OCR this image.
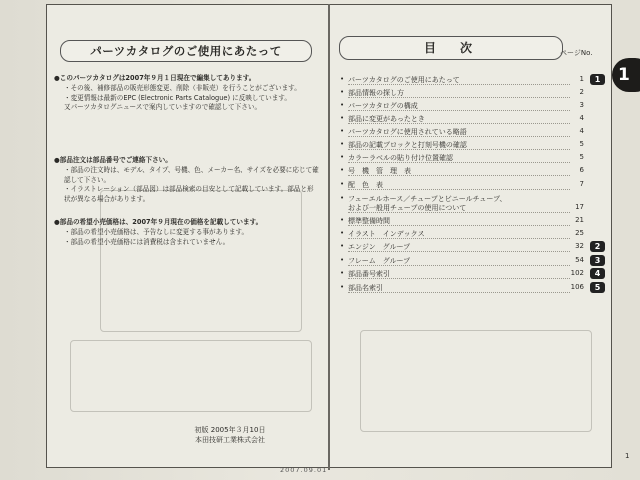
パーツカタログのご使用にあたって
●このパーツカタログは2007年９月１日現在で編集してあります。
・その後、補修部品の販売形態変更、削除（非販売）を行うことがございます。
・変更情報は最新のEPC (Electronic Parts Catalogue) に反映しています。
又パーツカタログニュースで案内していますので確認して下さい。
●部品注文は部品番号でご連絡下さい。
・部品の注文時は、モデル、タイプ、号機、色、メーカー名、サイズを必要に応じて確認して下さい。
・イラストレーション（部品図）は部品検索の目安として記載しています。部品と形状が異なる場合があります。
●部品の希望小売価格は、2007年９月現在の価格を記載しています。
・部品の希望小売価格は、予告なしに変更する事があります。
・部品の希望小売価格には消費税は含まれていません。
初版 2005年３月10日
本田技研工業株式会社
2007.09.01
目　次	ページNo.
• パーツカタログのご使用にあたって	1	1
• 部品情報の探し方	2
• パーツカタログの構成	3
• 部品に変更があったとき	4
• パーツカタログに使用されている略語	4
• 部品の記載ブロックと打刻号機の確認	5
• カラーラベルの貼り付け位置確認	5
• 号　機　管　理　表	6
• 配　色　表	7
• フューエルホース／チューブとビニールチューブ、
および一般用チューブの使用について	17
• 標準整備時間	21
• イラスト　インデックス	25
• エンジン　グループ	32	2
• フレーム　グループ	54	3
• 部品番号索引	102	4
• 部品名索引	106	5
1
1
